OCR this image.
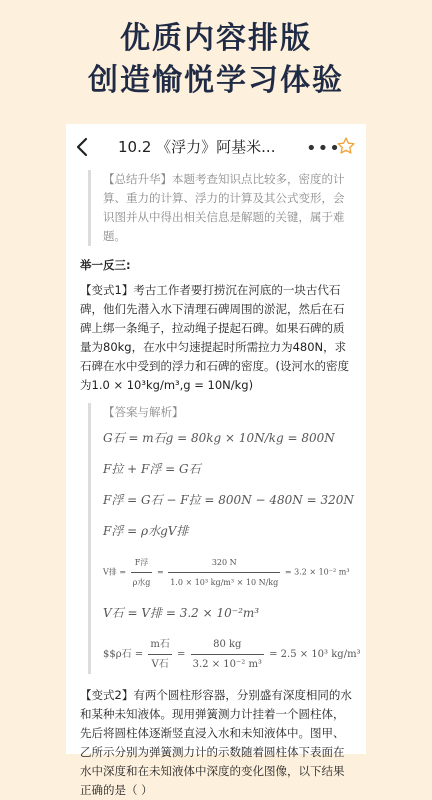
优质内容排版
创造愉悦学习体验
10.2 《浮力》阿基米...	•••
【总结升华】本题考查知识点比较多，密度的计算、重力的计算、浮力的计算及其公式变形，会识图并从中得出相关信息是解题的关键，属于难题。
举一反三:
【变式1】考古工作者要打捞沉在河底的一块古代石碑，他们先潜入水下清理石碑周围的淤泥，然后在石碑上绑一条绳子，拉动绳子提起石碑。如果石碑的质量为80kg，在水中匀速提起时所需拉力为480N，求石碑在水中受到的浮力和石碑的密度。(设河水的密度为1.0 × 10³kg/m³,g = 10N/kg)
【答案与解析】
G石 = m石g = 80kg × 10N/kg = 800N
F拉 + F浮 = G石
F浮 = G石 − F拉 = 800N − 480N = 320N
F浮 = ρ水gV排
V排 = $\frac{\text{F浮}}{\text{ρ水g}} = \frac{320 N}{\text{1.0 × 10³ kg/m³ × 10 N/kg}} = 3.2 \times 10^{-2}$ m³
V石 = V排 = 3.2 × 10⁻²m³
$$ρ石 = $\frac{\text{m石}}{\text{V石}} = \frac{80 kg}{\text{3.2 × 10⁻² m³}} = 2.5 \times 10^3$ kg/m³
【变式2】有两个圆柱形容器，分别盛有深度相同的水和某种未知液体。现用弹簧测力计挂着一个圆柱体，先后将圆柱体逐渐竖直浸入水和未知液体中。图甲、乙所示分别为弹簧测力计的示数随着圆柱体下表面在水中深度和在未知液体中深度的变化图像，以下结果正确的是（ ）
